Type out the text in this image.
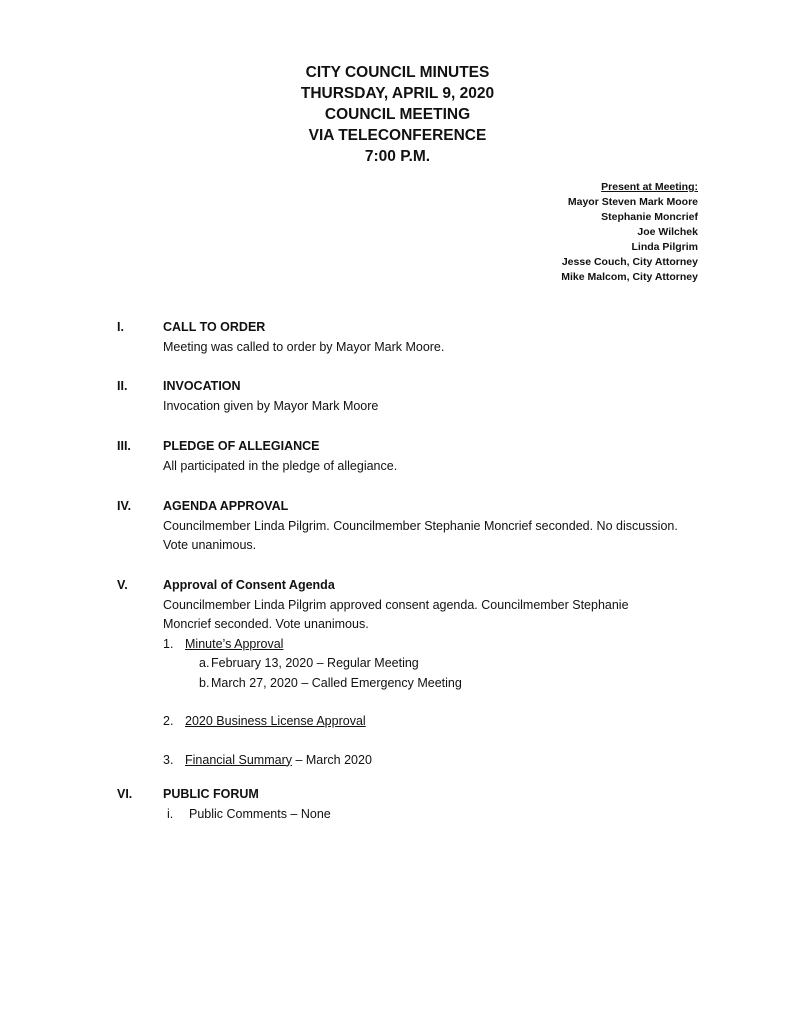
CITY COUNCIL MINUTES
THURSDAY, APRIL 9, 2020
COUNCIL MEETING
VIA TELECONFERENCE
7:00 P.M.
Present at Meeting:
Mayor Steven Mark Moore
Stephanie Moncrief
Joe Wilchek
Linda Pilgrim
Jesse Couch, City Attorney
Mike Malcom, City Attorney
I.	CALL TO ORDER
Meeting was called to order by Mayor Mark Moore.
II.	INVOCATION
Invocation given by Mayor Mark Moore
III.	PLEDGE OF ALLEGIANCE
All participated in the pledge of allegiance.
IV.	AGENDA APPROVAL
Councilmember Linda Pilgrim. Councilmember Stephanie Moncrief seconded. No discussion.
Vote unanimous.
V.	Approval of Consent Agenda
Councilmember Linda Pilgrim approved consent agenda. Councilmember Stephanie
Moncrief seconded. Vote unanimous.
1. Minute’s Approval
a. February 13, 2020 – Regular Meeting
b. March 27, 2020 – Called Emergency Meeting
2. 2020 Business License Approval
3. Financial Summary – March 2020
VI.	PUBLIC FORUM
i. Public Comments – None
